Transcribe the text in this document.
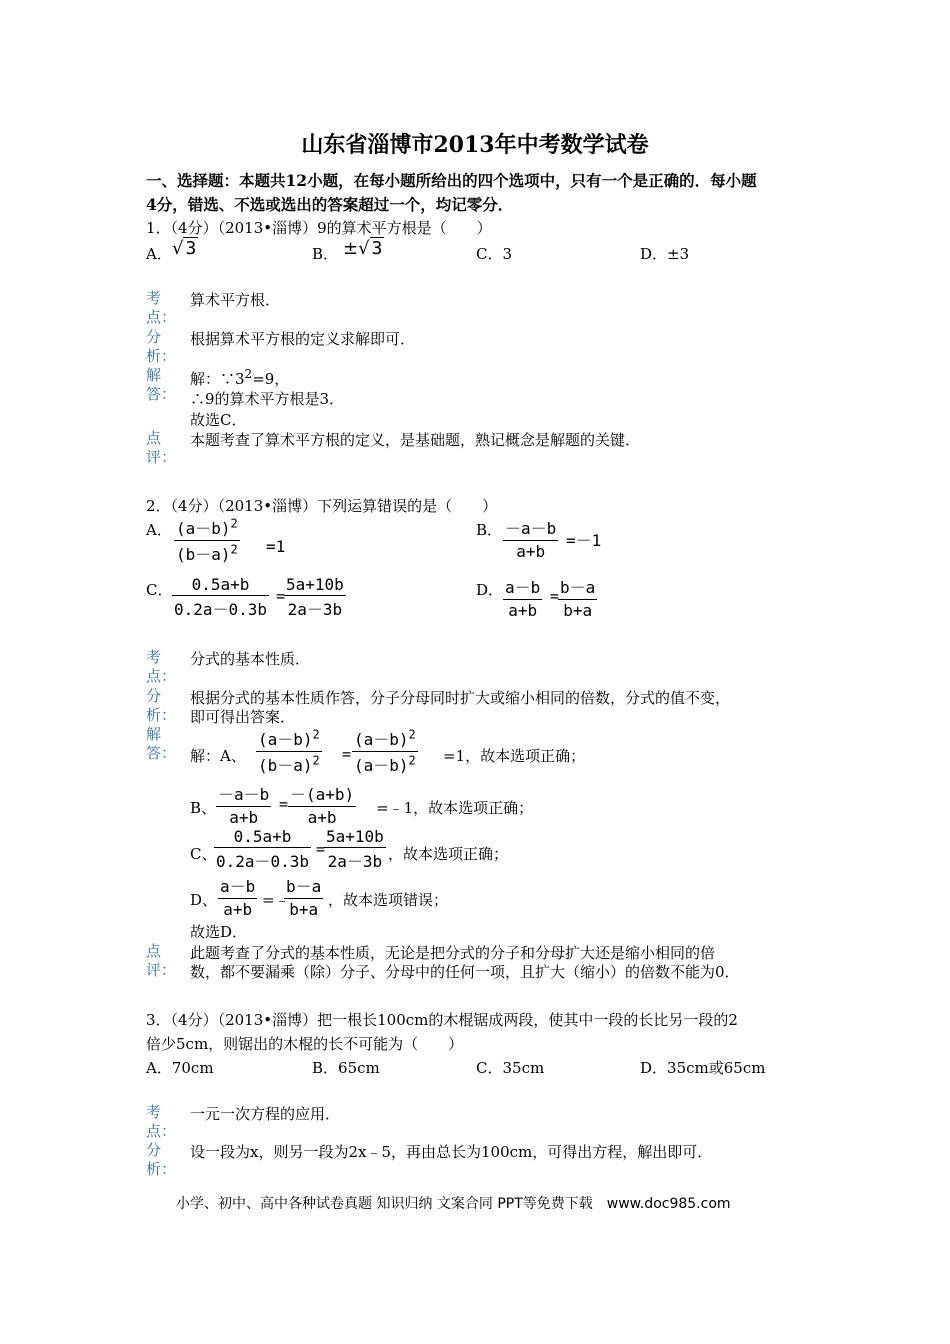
山东省淄博市2013年中考数学试卷
一、选择题：本题共12小题，在每小题所给出的四个选项中，只有一个是正确的．每小题
4分，错选、不选或选出的答案超过一个，均记零分．
1．（4分）（2013•淄博）9的算术平方根是（　　）
A． √ 3	B． ±√ 3	C．3	D．±3
考
点：
算术平方根．
分
析：
根据算术平方根的定义求解即可．
解
答：
解：$\because 3^2=9$，
∴9的算术平方根是3．
故选C．
点
评：
本题考查了算术平方根的定义，是基础题，熟记概念是解题的关键．
2．（4分）（2013•淄博）下列运算错误的是（　　）
A． $(a-b)^2$
$(b-a)^2 =1$
B． －a－b
a+b
=－1
C．	0.5a+b
0.2a－0.3b
=
5a+10b
2a－3b
D． a－b
a+b
= b－a
b+a
考
点：
分式的基本性质．
分
析：
根据分式的基本性质作答，分子分母同时扩大或缩小相同的倍数，分式的值不变，
即可得出答案．
解
答： 解：A、
$(a-b)^2$
$(b-a)^2$ =
$(a-b)^2$
$(a-b)^2 =1$，故本选项正确；
B、
－a－b
a+b
= －(a+b)
a+b	=﹣1，故本选项正确；
C、
0.5a+b
0.2a－0.3b
=
5a+10b
2a－3b ，故本选项正确；
D、
a－b
a+b =﹣
b－a
b+a ，故本选项错误；
故选D．
点
评：
此题考查了分式的基本性质，无论是把分式的分子和分母扩大还是缩小相同的倍
数，都不要漏乘（除）分子、分母中的任何一项，且扩大（缩小）的倍数不能为0．
3．（4分）（2013•淄博）把一根长100cm的木棍锯成两段，使其中一段的长比另一段的2
倍少5cm，则锯出的木棍的长不可能为（　　）
A．70cm	B．65cm	C．35cm	D．35cm或65cm
考
点：
一元一次方程的应用．
分
析：
设一段为x，则另一段为2x﹣5，再由总长为100cm，可得出方程，解出即可．
小学、初中、高中各种试卷真题 知识归纳 文案合同 PPT等免费下载　www.doc985.com
